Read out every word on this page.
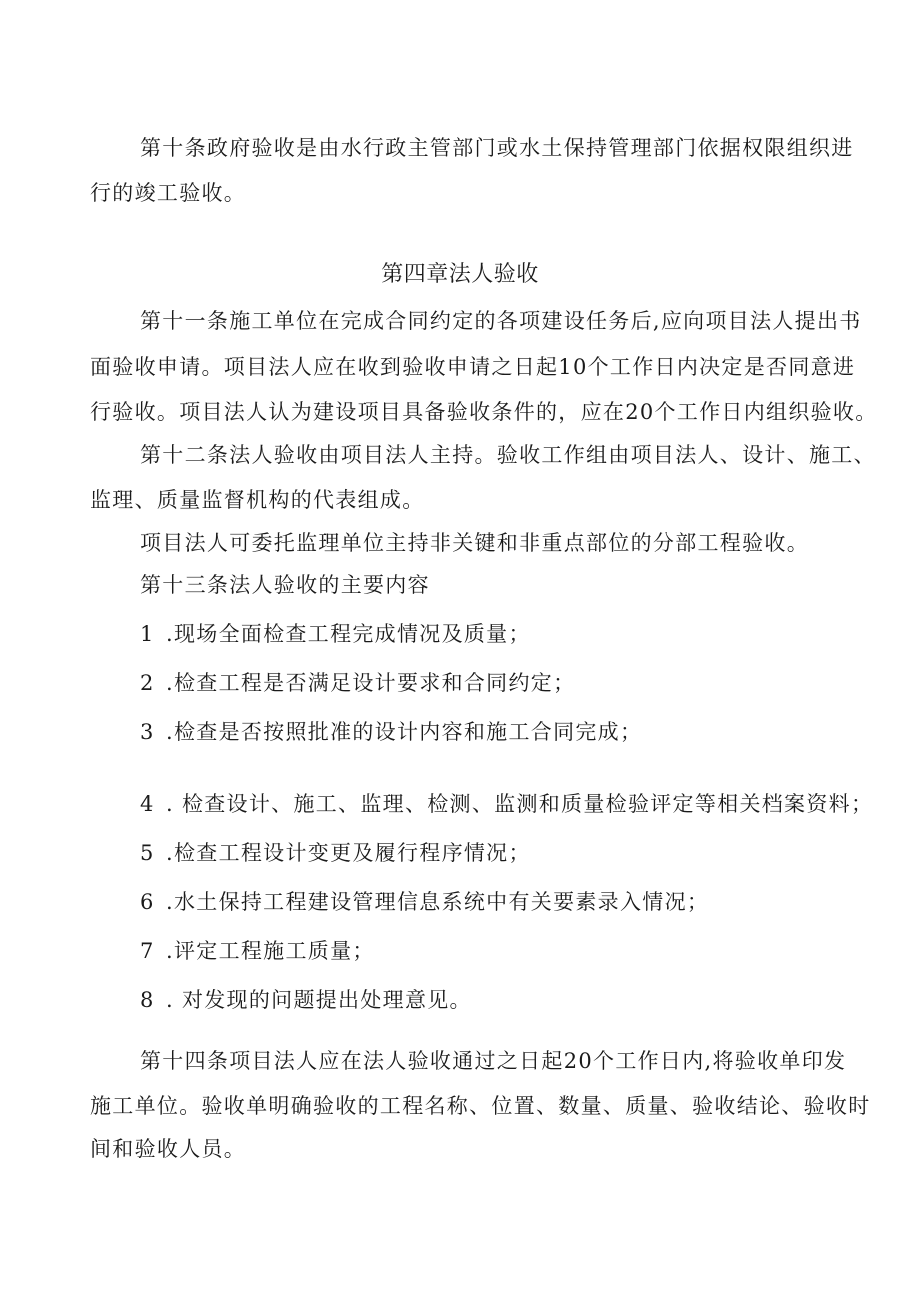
第十条政府验收是由水行政主管部门或水土保持管理部门依据权限组织进
行的竣工验收。
第四章法人验收
第十一条施工单位在完成合同约定的各项建设任务后,应向项目法人提出书
面验收申请。项目法人应在收到验收申请之日起10个工作日内决定是否同意进
行验收。项目法人认为建设项目具备验收条件的，应在20个工作日内组织验收。
第十二条法人验收由项目法人主持。验收工作组由项目法人、设计、施工、
监理、质量监督机构的代表组成。
项目法人可委托监理单位主持非关键和非重点部位的分部工程验收。
第十三条法人验收的主要内容
1 .现场全面检查工程完成情况及质量；
2 .检查工程是否满足设计要求和合同约定；
3 .检查是否按照批准的设计内容和施工合同完成；
4 . 检查设计、施工、监理、检测、监测和质量检验评定等相关档案资料；
5 .检查工程设计变更及履行程序情况；
6 .水土保持工程建设管理信息系统中有关要素录入情况；
7 .评定工程施工质量；
8 . 对发现的问题提出处理意见。
第十四条项目法人应在法人验收通过之日起20个工作日内,将验收单印发
施工单位。验收单明确验收的工程名称、位置、数量、质量、验收结论、验收时
间和验收人员。
